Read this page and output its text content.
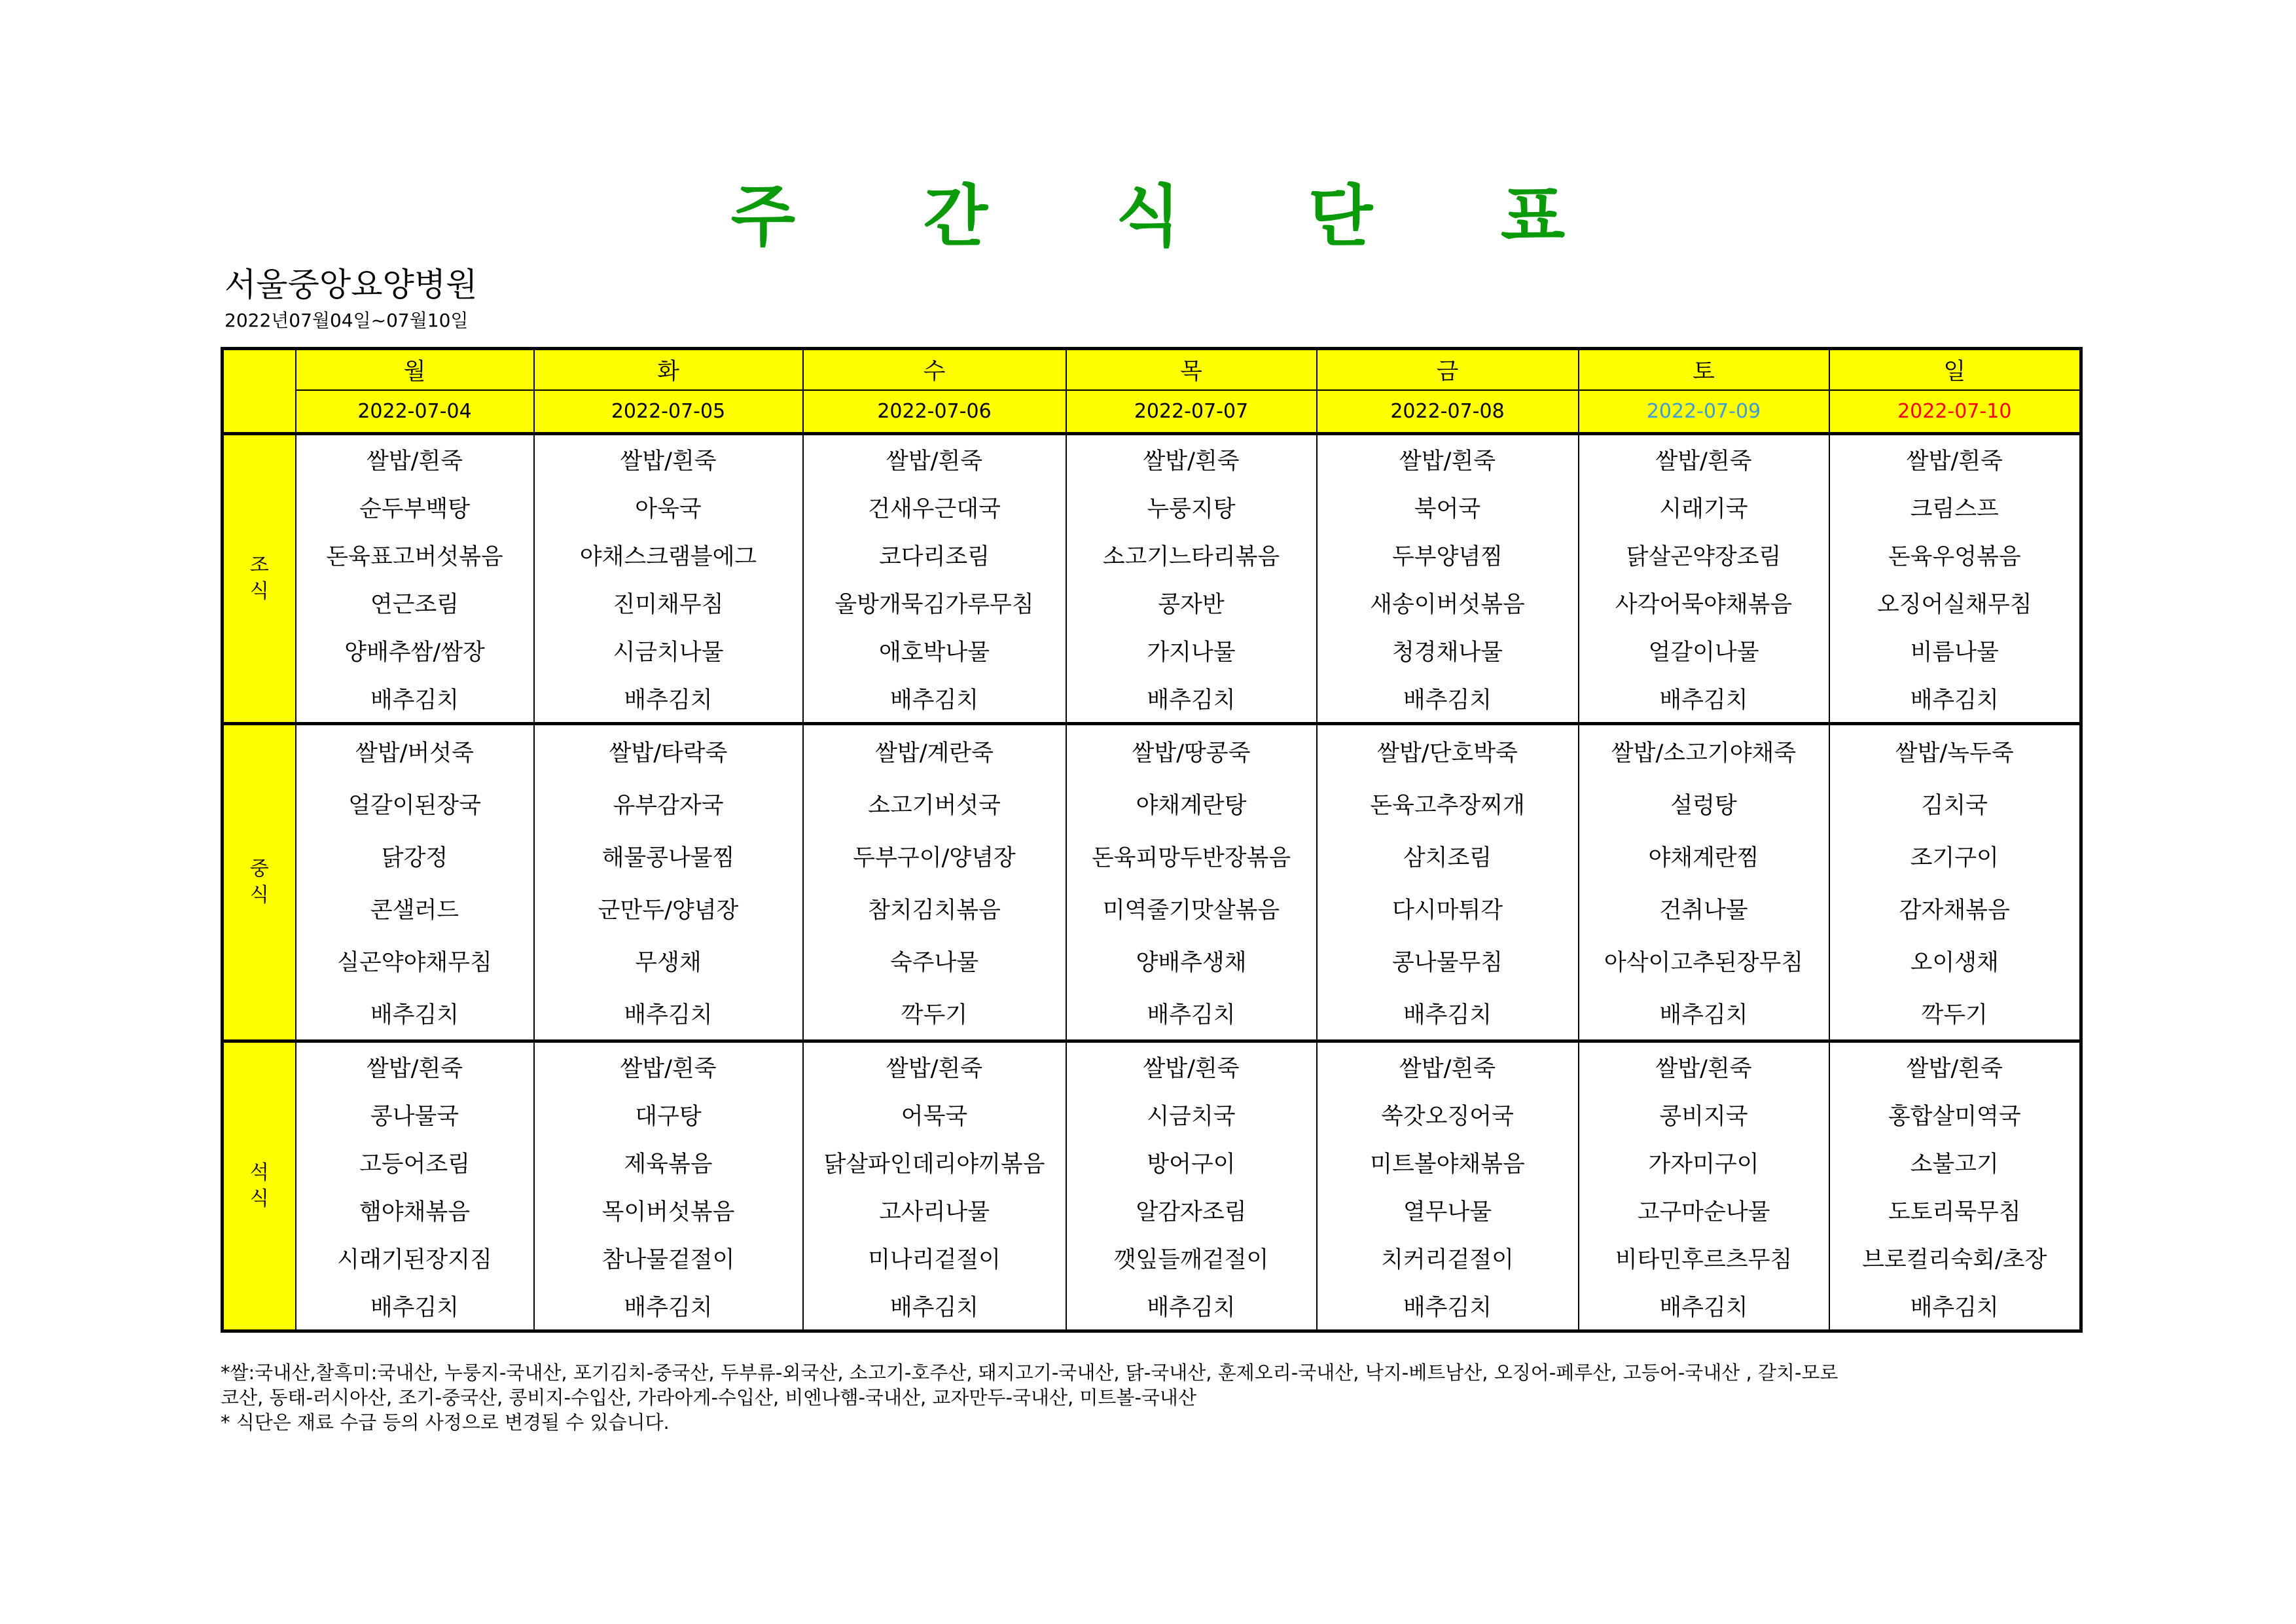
주 간 식 단 표
서울중앙요양병원
2022년07월04일~07월10일
	월	화	수	목	금	토	일
	2022-07-04	2022-07-05	2022-07-06	2022-07-07	2022-07-08	2022-07-09	2022-07-10

조
식	쌀밥/흰죽	쌀밥/흰죽	쌀밥/흰죽	쌀밥/흰죽	쌀밥/흰죽	쌀밥/흰죽	쌀밥/흰죽
	순두부백탕	아욱국	건새우근대국	누룽지탕	북어국	시래기국	크림스프
	돈육표고버섯볶음	야채스크램블에그	코다리조림	소고기느타리볶음	두부양념찜	닭살곤약장조림	돈육우엉볶음
	연근조림	진미채무침	울방개묵김가루무침	콩자반	새송이버섯볶음	사각어묵야채볶음	오징어실채무침
	양배추쌈/쌈장	시금치나물	애호박나물	가지나물	청경채나물	얼갈이나물	비름나물
	배추김치	배추김치	배추김치	배추김치	배추김치	배추김치	배추김치

중
식	쌀밥/버섯죽	쌀밥/타락죽	쌀밥/계란죽	쌀밥/땅콩죽	쌀밥/단호박죽	쌀밥/소고기야채죽	쌀밥/녹두죽
	얼갈이된장국	유부감자국	소고기버섯국	야채계란탕	돈육고추장찌개	설렁탕	김치국
	닭강정	해물콩나물찜	두부구이/양념장	돈육피망두반장볶음	삼치조림	야채계란찜	조기구이
	콘샐러드	군만두/양념장	참치김치볶음	미역줄기맛살볶음	다시마튀각	건취나물	감자채볶음
	실곤약야채무침	무생채	숙주나물	양배추생채	콩나물무침	아삭이고추된장무침	오이생채
	배추김치	배추김치	깍두기	배추김치	배추김치	배추김치	깍두기

석
식	쌀밥/흰죽	쌀밥/흰죽	쌀밥/흰죽	쌀밥/흰죽	쌀밥/흰죽	쌀밥/흰죽	쌀밥/흰죽
	콩나물국	대구탕	어묵국	시금치국	쑥갓오징어국	콩비지국	홍합살미역국
	고등어조림	제육볶음	닭살파인데리야끼볶음	방어구이	미트볼야채볶음	가자미구이	소불고기
	햄야채볶음	목이버섯볶음	고사리나물	알감자조림	열무나물	고구마순나물	도토리묵무침
	시래기된장지짐	참나물겉절이	미나리겉절이	깻잎들깨겉절이	치커리겉절이	비타민후르츠무침	브로컬리숙회/초장
	배추김치	배추김치	배추김치	배추김치	배추김치	배추김치	배추김치

*쌀:국내산,찰흑미:국내산, 누룽지-국내산, 포기김치-중국산, 두부류-외국산, 소고기-호주산, 돼지고기-국내산, 닭-국내산, 훈제오리-국내산, 낙지-베트남산, 오징어-페루산, 고등어-국내산 , 갈치-모로

코산, 동태-러시아산, 조기-중국산, 콩비지-수입산, 가라아게-수입산, 비엔나햄-국내산, 교자만두-국내산, 미트볼-국내산

* 식단은 재료 수급 등의 사정으로 변경될 수 있습니다.
